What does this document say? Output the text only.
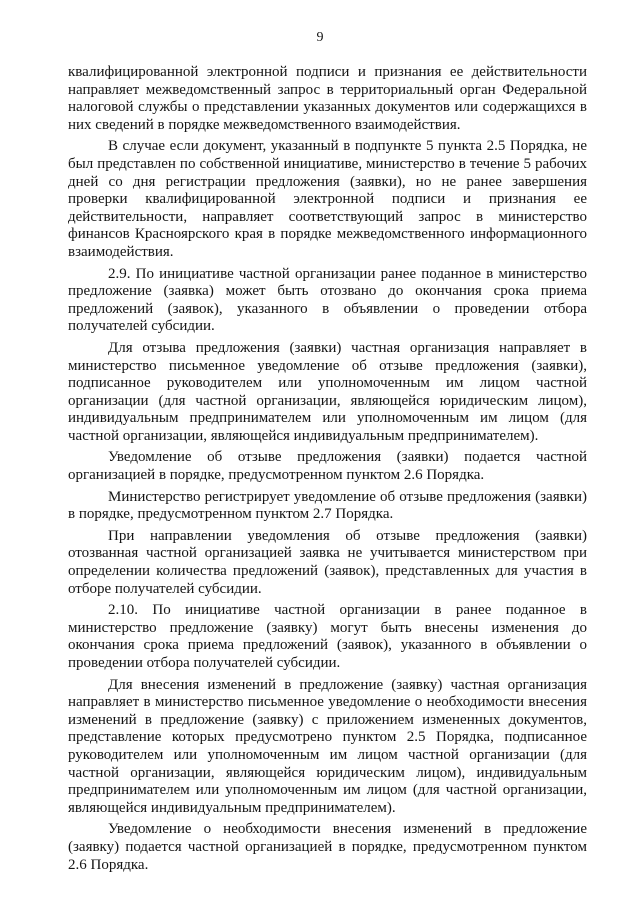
9

квалифицированной электронной подписи и признания ее действительности направляет межведомственный запрос в территориальный орган Федеральной налоговой службы о представлении указанных документов или содержащихся в них сведений в порядке межведомственного взаимодействия.

В случае если документ, указанный в подпункте 5 пункта 2.5 Порядка, не был представлен по собственной инициативе, министерство в течение 5 рабочих дней со дня регистрации предложения (заявки), но не ранее завершения проверки квалифицированной электронной подписи и признания ее действительности, направляет соответствующий запрос в министерство финансов Красноярского края в порядке межведомственного информационного взаимодействия.

2.9. По инициативе частной организации ранее поданное в министерство предложение (заявка) может быть отозвано до окончания срока приема предложений (заявок), указанного в объявлении о проведении отбора получателей субсидии.

Для отзыва предложения (заявки) частная организация направляет в министерство письменное уведомление об отзыве предложения (заявки), подписанное руководителем или уполномоченным им лицом частной организации (для частной организации, являющейся юридическим лицом), индивидуальным предпринимателем или уполномоченным им лицом (для частной организации, являющейся индивидуальным предпринимателем).

Уведомление об отзыве предложения (заявки) подается частной организацией в порядке, предусмотренном пунктом 2.6 Порядка.

Министерство регистрирует уведомление об отзыве предложения (заявки) в порядке, предусмотренном пунктом 2.7 Порядка.

При направлении уведомления об отзыве предложения (заявки) отозванная частной организацией заявка не учитывается министерством при определении количества предложений (заявок), представленных для участия в отборе получателей субсидии.

2.10. По инициативе частной организации в ранее поданное в министерство предложение (заявку) могут быть внесены изменения до окончания срока приема предложений (заявок), указанного в объявлении о проведении отбора получателей субсидии.

Для внесения изменений в предложение (заявку) частная организация направляет в министерство письменное уведомление о необходимости внесения изменений в предложение (заявку) с приложением измененных документов, представление которых предусмотрено пунктом 2.5 Порядка, подписанное руководителем или уполномоченным им лицом частной организации (для частной организации, являющейся юридическим лицом), индивидуальным предпринимателем или уполномоченным им лицом (для частной организации, являющейся индивидуальным предпринимателем).

Уведомление о необходимости внесения изменений в предложение (заявку) подается частной организацией в порядке, предусмотренном пунктом 2.6 Порядка.
